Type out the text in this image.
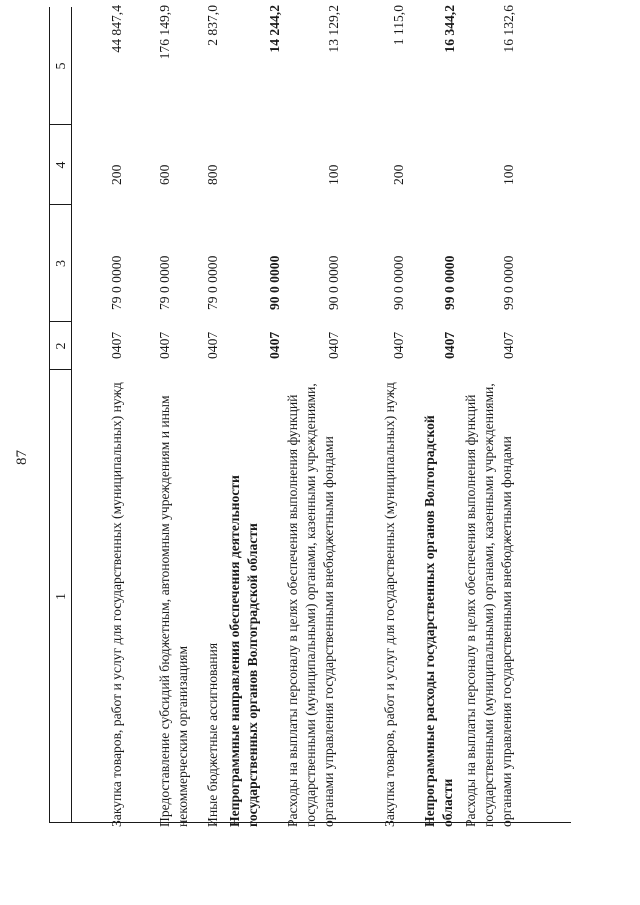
87
1
2
3
4
5
Закупка товаров, работ и услуг для государственных (муниципальных) нужд
0407
79 0 0000
200
44 847,4
Предоставление субсидий бюджетным, автономным учреждениям и иным некоммерческим организациям
0407
79 0 0000
600
176 149,9
Иные бюджетные ассигнования
0407
79 0 0000
800
2 837,0
Непрограммные направления обеспечения деятельности государственных органов Волгоградской области
0407
90 0 0000
14 244,2
Расходы на выплаты персоналу в целях обеспечения выполнения функций государственными (муниципальными) органами, казенными учреждениями, органами управления государственными внебюджетными фондами
0407
90 0 0000
100
13 129,2
Закупка товаров, работ и услуг для государственных (муниципальных) нужд
0407
90 0 0000
200
1 115,0
Непрограммные расходы государственных органов Волгоградской области
0407
99 0 0000
16 344,2
Расходы на выплаты персоналу в целях обеспечения выполнения функций государственными (муниципальными) органами, казенными учреждениями, органами управления государственными внебюджетными фондами
0407
99 0 0000
100
16 132,6
